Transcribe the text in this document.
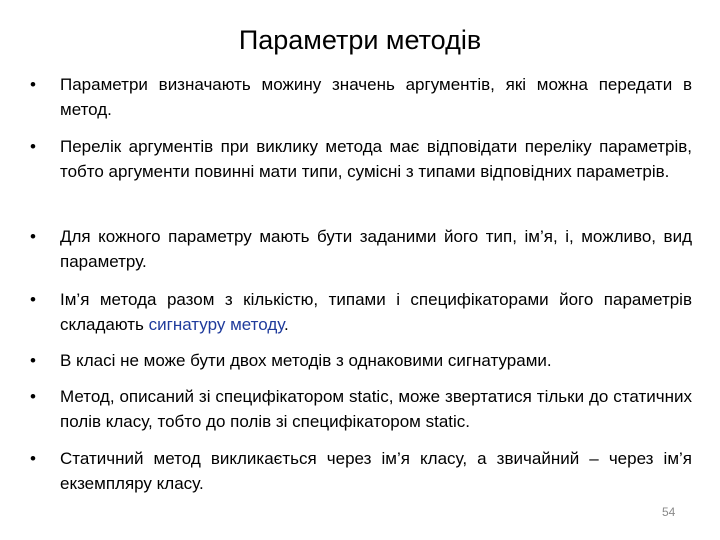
Параметри методів
•	Параметри визначають можину значень аргументів, які можна передати в метод.
•	Перелік аргументів при виклику метода має відповідати переліку параметрів, тобто аргументи повинні мати типи, сумісні з типами відповідних параметрів.
•	Для кожного параметру мають бути заданими його тип, ім’я, і, можливо, вид параметру.
•	Ім’я метода разом з кількістю, типами і специфікаторами його параметрів складають сигнатуру методу.
•	В класі не може бути двох методів з однаковими сигнатурами.
•	Метод, описаний зі специфікатором static, може звертатися тільки до статичних полів класу, тобто до полів зі специфікатором static.
•	Статичний метод викликається через ім’я класу, а звичайний – через ім’я екземпляру класу.
54
